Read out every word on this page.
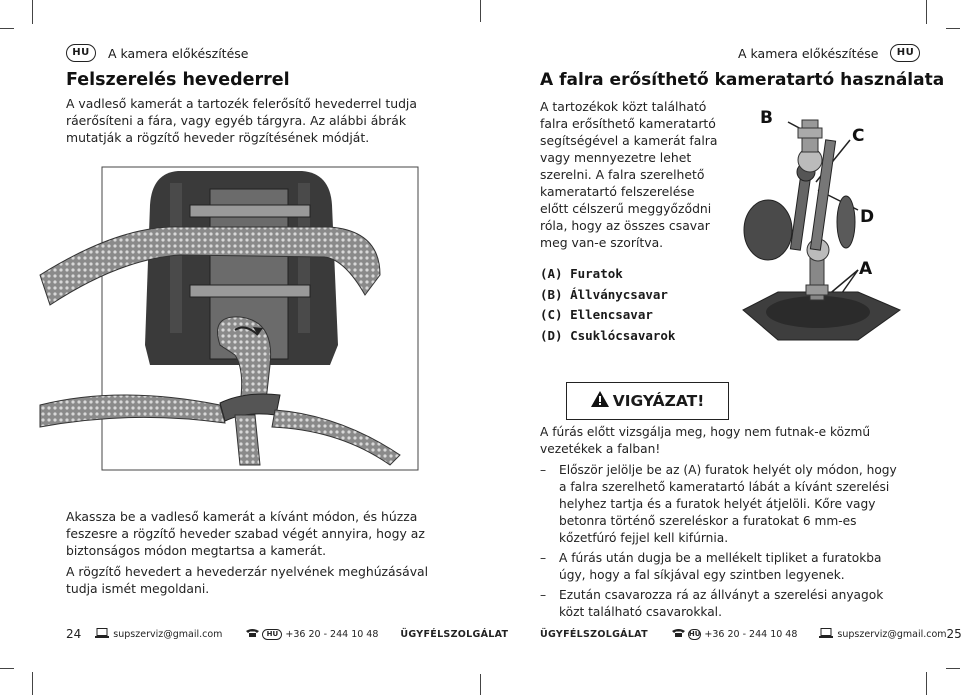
HU	A kamera előkészítése
Felszerelés hevederrel
A vadleső kamerát a tartozék felerősítő hevederrel tudja ráerősíteni a fára, vagy egyéb tárgyra. Az alábbi ábrák mutatják a rögzítő heveder rögzítésének módját.

Akassza be a vadleső kamerát a kívánt módon, és húzza feszesre a rögzítő heveder szabad végét annyira, hogy az biztonságos módon megtartsa a kamerát.

A rögzítő hevedert a hevederzár nyelvének meghúzásával tudja ismét megoldani.

24	supszerviz@gmail.com	HU +36 20 - 244 10 48 ÜGYFÉLSZOLGÁLAT
A kamera előkészítése	HU
A falra erősíthető kameratartó használata
A tartozékok közt található falra erősíthető kameratartó segítségével a kamerát falra vagy mennyezetre lehet szerelni. A falra szerelhető kameratartó felszerelése előtt célszerű meggyőződni róla, hogy az összes csavar meg van-e szorítva.
(A) Furatok
(B) Állványcsavar
(C) Ellencsavar
(D) Csuklócsavarok
B
C
D
A
VIGYÁZAT!
A fúrás előtt vizsgálja meg, hogy nem futnak-e közmű vezetékek a falban!
– Először jelölje be az (A) furatok helyét oly módon, hogy a falra szerelhető kameratartó lábát a kívánt szerelési helyhez tartja és a furatok helyét átjelöli. Kőre vagy betonra történő szereléskor a furatokat 6 mm-es kőzetfúró fejjel kell kifúrnia.
– A fúrás után dugja be a mellékelt tipliket a furatokba úgy, hogy a fal síkjával egy szintben legyenek.
– Ezután csavarozza rá az állványt a szerelési anyagok közt található csavarokkal.
ÜGYFÉLSZOLGÁLAT	HU +36 20 - 244 10 48	supszerviz@gmail.com 25
